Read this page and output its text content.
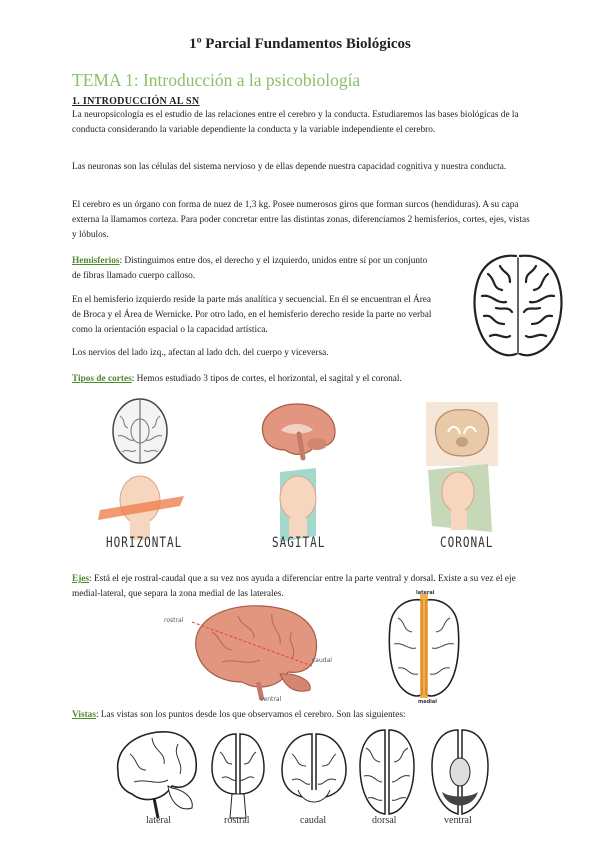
1º Parcial Fundamentos Biológicos
TEMA 1: Introducción a la psicobiología
1. INTRODUCCIÓN AL SN

La neuropsicología es el estudio de las relaciones entre el cerebro y la conducta. Estudiaremos las bases biológicas de la conducta considerando la variable dependiente la conducta y la variable independiente el cerebro.

Las neuronas son las células del sistema nervioso y de ellas depende nuestra capacidad cognitiva y nuestra conducta.

El cerebro es un órgano con forma de nuez de 1,3 kg. Posee numerosos giros que forman surcos (hendiduras). A su capa externa la llamamos corteza. Para poder concretar entre las distintas zonas, diferenciamos 2 hemisferios, cortes, ejes, vistas y lóbulos.

Hemisferios: Distinguimos entre dos, el derecho y el izquierdo, unidos entre sí por un conjunto de fibras llamado cuerpo calloso.

En el hemisferio izquierdo reside la parte más analítica y secuencial. En él se encuentran el Área de Broca y el Área de Wernicke. Por otro lado, en el hemisferio derecho reside la parte no verbal como la orientación espacial o la capacidad artística.

Los nervios del lado izq., afectan al lado dch. del cuerpo y viceversa.

Tipos de cortes: Hemos estudiado 3 tipos de cortes, el horizontal, el sagital y el coronal.

HORIZONTAL	SAGITAL	CORONAL

Ejes: Está el eje rostral-caudal que a su vez nos ayuda a diferenciar entre la parte ventral y dorsal. Existe a su vez el eje medial-lateral, que separa la zona medial de las laterales.

rostral
caudal
ventral
lateral
medial

Vistas: Las vistas son los puntos desde los que observamos el cerebro. Son las siguientes:

lateral	rostral	caudal	dorsal	ventral
